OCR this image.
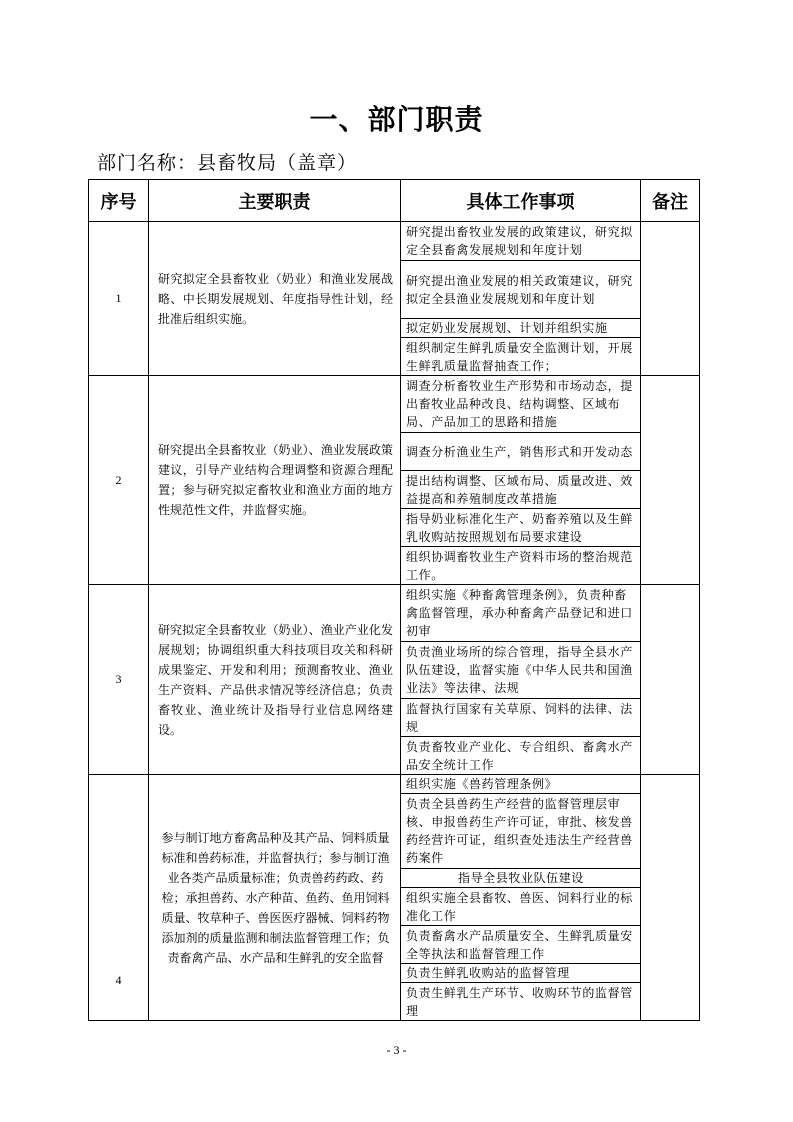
一、部门职责

部门名称：县畜牧局（盖章）

序号	主要职责	具体工作事项	备注
1	研究拟定全县畜牧业（奶业）和渔业发展战略、中长期发展规划、年度指导性计划，经批准后组织实施。	研究提出畜牧业发展的政策建议，研究拟定全县畜禽发展规划和年度计划	
		研究提出渔业发展的相关政策建议，研究拟定全县渔业发展规划和年度计划	
		拟定奶业发展规划、计划并组织实施	
		组织制定生鲜乳质量安全监测计划，开展生鲜乳质量监督抽查工作；	
2	研究提出全县畜牧业（奶业）、渔业发展政策建议，引导产业结构合理调整和资源合理配置；参与研究拟定畜牧业和渔业方面的地方性规范性文件，并监督实施。	调查分析畜牧业生产形势和市场动态，提出畜牧业品种改良、结构调整、区域布局、产品加工的思路和措施	
		调查分析渔业生产，销售形式和开发动态	
		提出结构调整、区域布局、质量改进、效益提高和养殖制度改革措施	
		指导奶业标准化生产、奶畜养殖以及生鲜乳收购站按照规划布局要求建设	
		组织协调畜牧业生产资料市场的整治规范工作。	
3	研究拟定全县畜牧业（奶业）、渔业产业化发展规划；协调组织重大科技项目攻关和科研成果鉴定、开发和利用；预测畜牧业、渔业生产资料、产品供求情况等经济信息；负责畜牧业、渔业统计及指导行业信息网络建设。	组织实施《种畜禽管理条例》，负责种畜禽监督管理，承办种畜禽产品登记和进口初审	
		负责渔业场所的综合管理，指导全县水产队伍建设，监督实施《中华人民共和国渔业法》等法律、法规	
		监督执行国家有关草原、饲料的法律、法规	
		负责畜牧业产业化、专合组织、畜禽水产品安全统计工作	
4	参与制订地方畜禽品种及其产品、饲料质量标准和兽药标准，并监督执行；参与制订渔业各类产品质量标准；负责兽药药政、药检；承担兽药、水产种苗、鱼药、鱼用饲料质量、牧草种子、兽医医疗器械、饲料药物添加剂的质量监测和制法监督管理工作；负责畜禽产品、水产品和生鲜乳的安全监督	组织实施《兽药管理条例》	
		负责全县兽药生产经营的监督管理层审核、申报兽药生产许可证，审批、核发兽药经营许可证，组织查处违法生产经营兽药案件	
		指导全县牧业队伍建设	
		组织实施全县畜牧、兽医、饲料行业的标准化工作	
		负责畜禽水产品质量安全、生鲜乳质量安全等执法和监督管理工作	
		负责生鲜乳收购站的监督管理	
		负责生鲜乳生产环节、收购环节的监督管理	

- 3 -
